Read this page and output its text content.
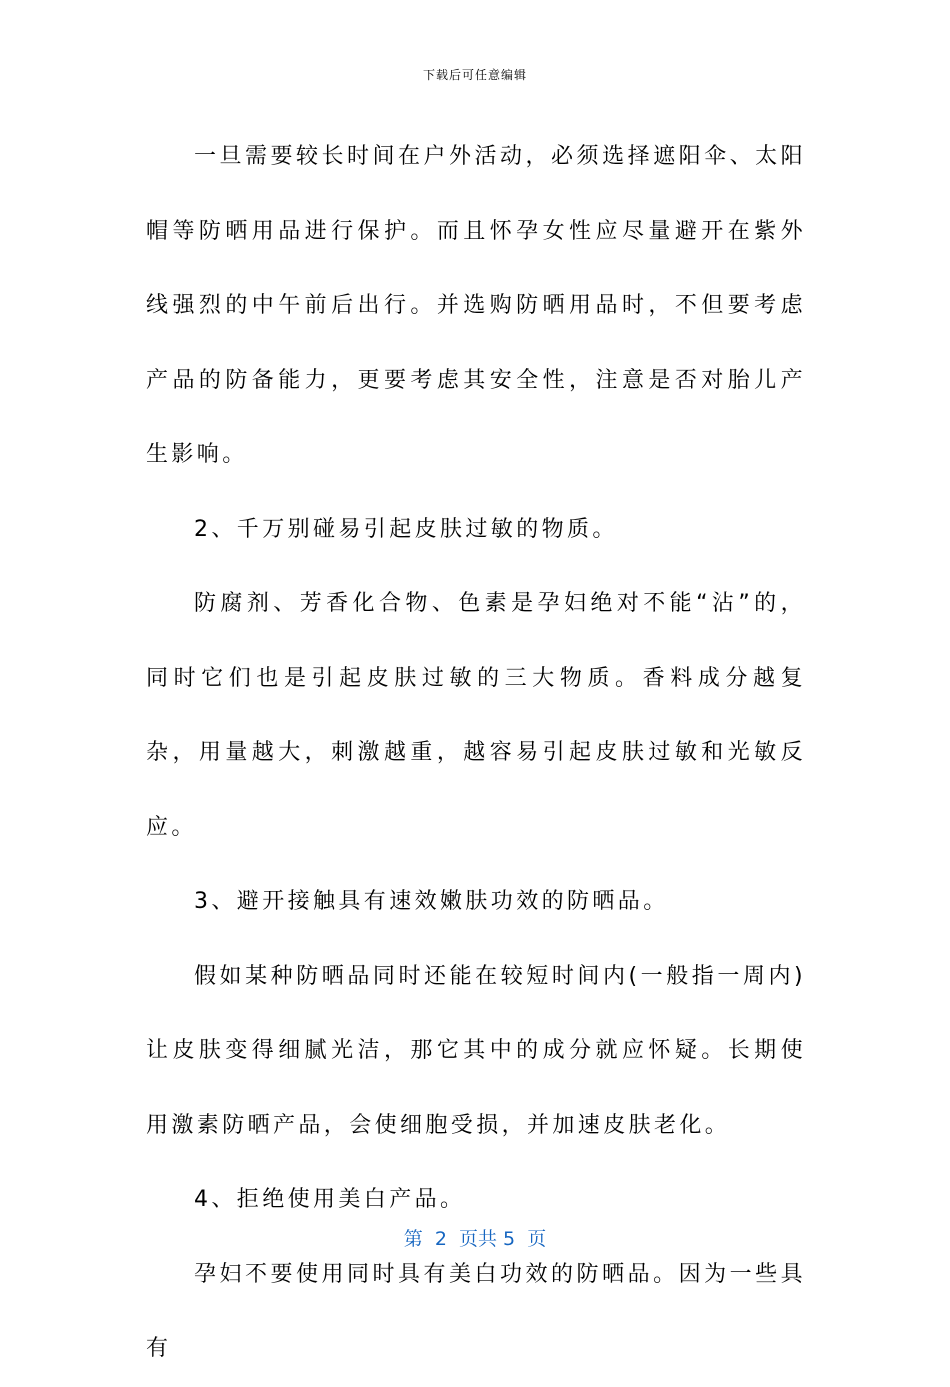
下载后可任意编辑

一旦需要较长时间在户外活动，必须选择遮阳伞、太阳帽等防晒用品进行保护。而且怀孕女性应尽量避开在紫外线强烈的中午前后出行。并选购防晒用品时，不但要考虑产品的防备能力，更要考虑其安全性，注意是否对胎儿产生影响。

2、千万别碰易引起皮肤过敏的物质。

防腐剂、芳香化合物、色素是孕妇绝对不能“沾”的，同时它们也是引起皮肤过敏的三大物质。香料成分越复杂，用量越大，刺激越重，越容易引起皮肤过敏和光敏反应。

3、避开接触具有速效嫩肤功效的防晒品。

假如某种防晒品同时还能在较短时间内(一般指一周内)让皮肤变得细腻光洁，那它其中的成分就应怀疑。长期使用激素防晒产品，会使细胞受损，并加速皮肤老化。

4、拒绝使用美白产品。

孕妇不要使用同时具有美白功效的防晒品。因为一些具有

第  2  页共 5  页
